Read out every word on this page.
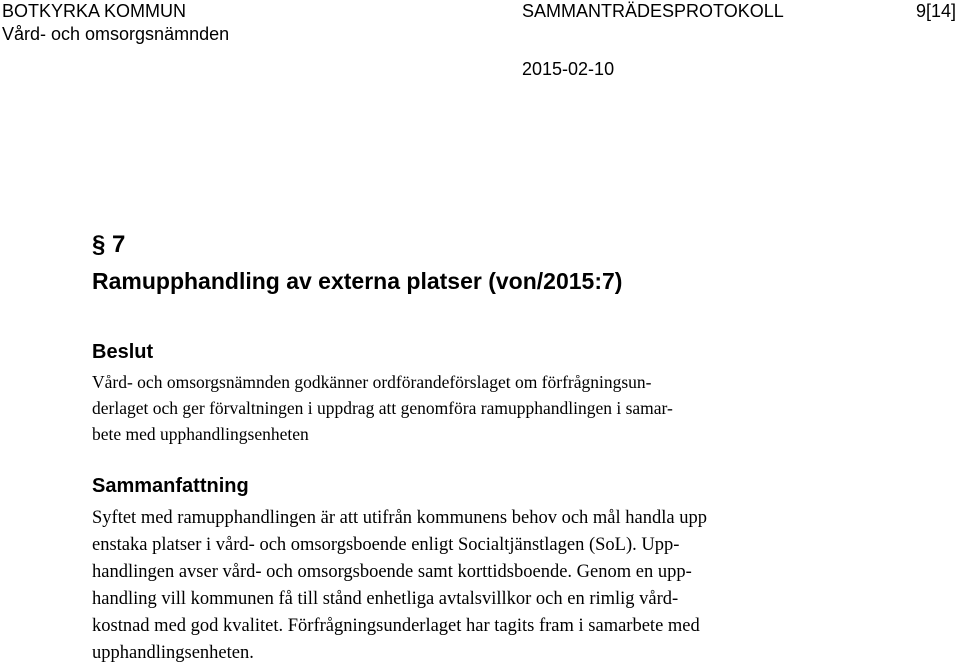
BOTKYRKA KOMMUN
Vård- och omsorgsnämnden
SAMMANTRÄDESPROTOKOLL	9[14]
2015-02-10
§ 7
Ramupphandling av externa platser (von/2015:7)
Beslut
Vård- och omsorgsnämnden godkänner ordförandeförslaget om förfrågningsun-
derlaget och ger förvaltningen i uppdrag att genomföra ramupphandlingen i samar-
bete med upphandlingsenheten
Sammanfattning
Syftet med ramupphandlingen är att utifrån kommunens behov och mål handla upp
enstaka platser i vård- och omsorgsboende enligt Socialtjänstlagen (SoL). Upp-
handlingen avser vård- och omsorgsboende samt korttidsboende. Genom en upp-
handling vill kommunen få till stånd enhetliga avtalsvillkor och en rimlig vård-
kostnad med god kvalitet. Förfrågningsunderlaget har tagits fram i samarbete med
upphandlingsenheten.
